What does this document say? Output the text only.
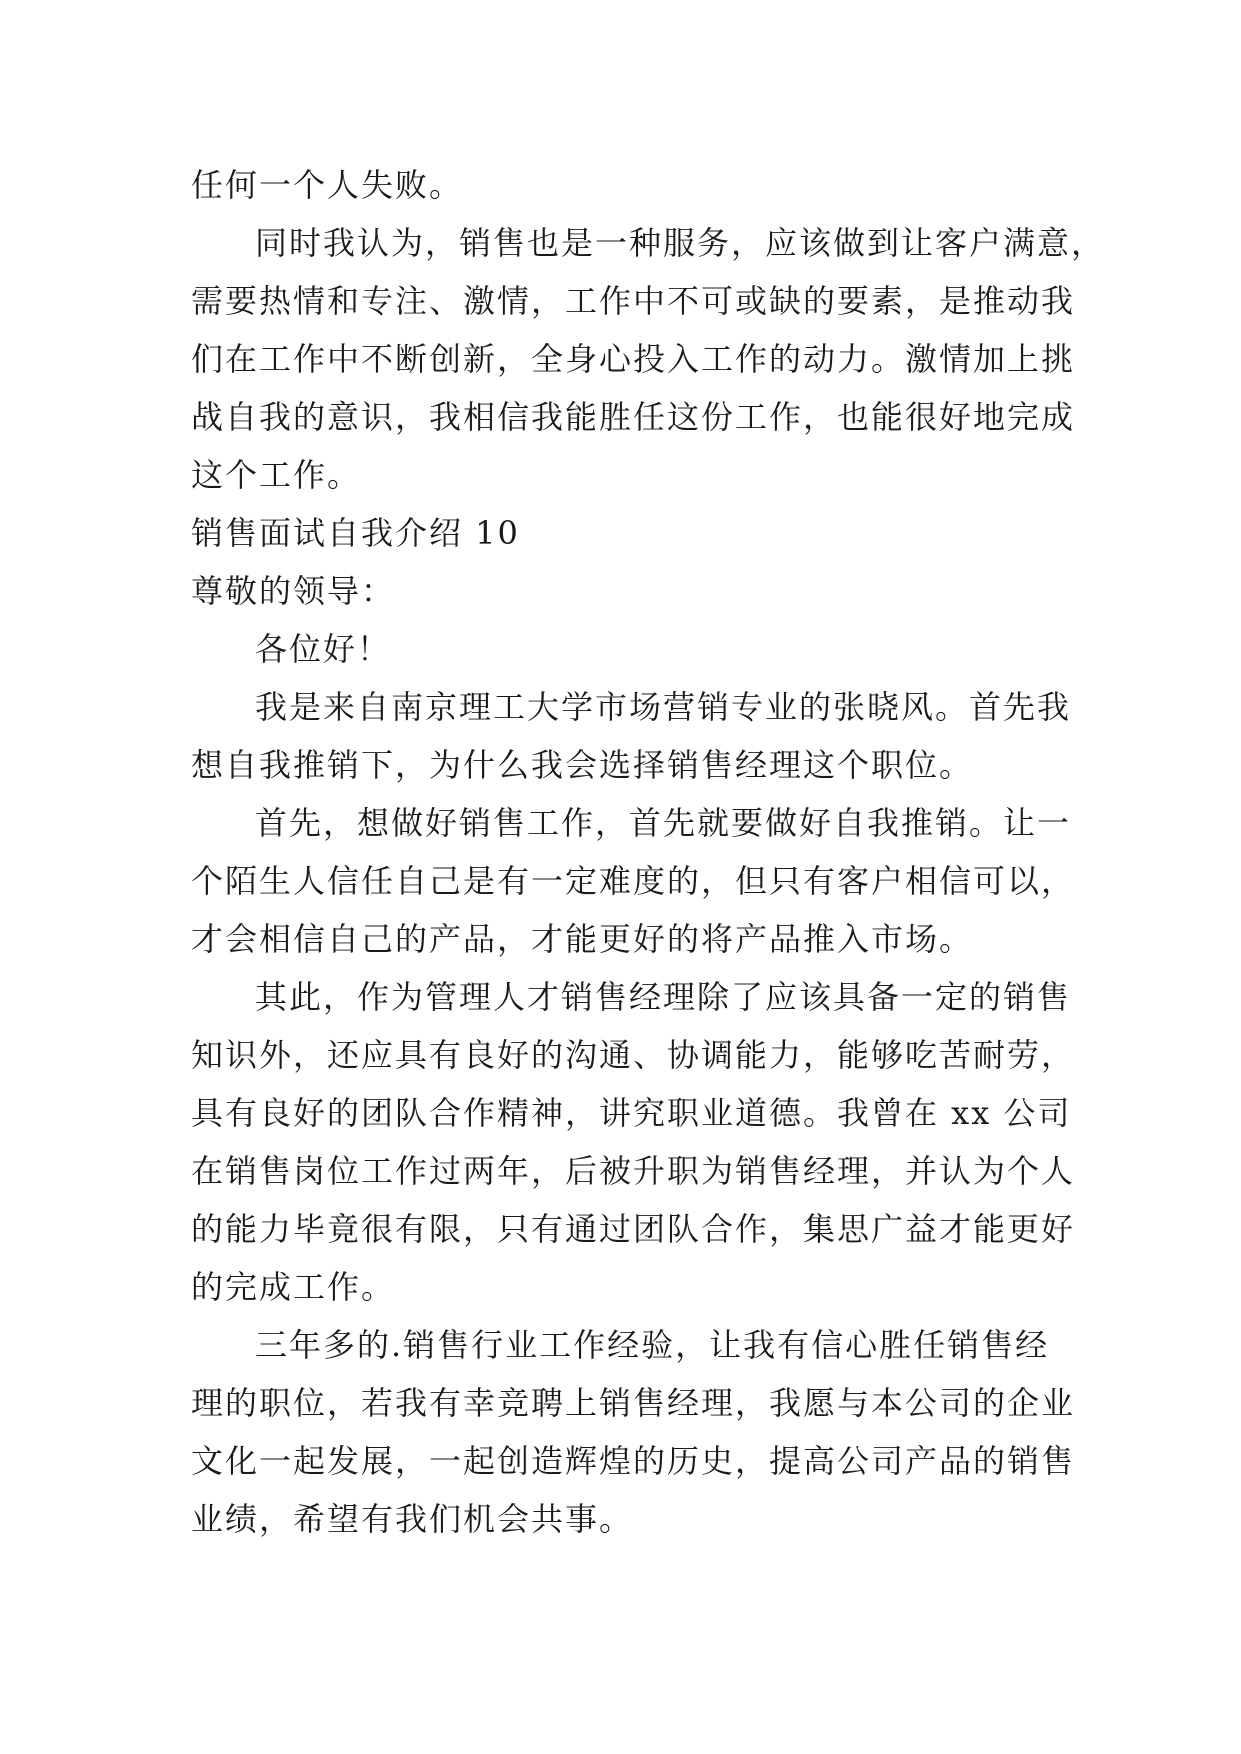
任何一个人失败。
同时我认为，销售也是一种服务，应该做到让客户满意，
需要热情和专注、激情，工作中不可或缺的要素，是推动我
们在工作中不断创新，全身心投入工作的动力。激情加上挑
战自我的意识，我相信我能胜任这份工作，也能很好地完成
这个工作。
销售面试自我介绍 10
尊敬的领导：
各位好！
我是来自南京理工大学市场营销专业的张晓风。首先我
想自我推销下，为什么我会选择销售经理这个职位。
首先，想做好销售工作，首先就要做好自我推销。让一
个陌生人信任自己是有一定难度的，但只有客户相信可以，
才会相信自己的产品，才能更好的将产品推入市场。
其此，作为管理人才销售经理除了应该具备一定的销售
知识外，还应具有良好的沟通、协调能力，能够吃苦耐劳，
具有良好的团队合作精神，讲究职业道德。我曾在 xx 公司
在销售岗位工作过两年，后被升职为销售经理，并认为个人
的能力毕竟很有限，只有通过团队合作，集思广益才能更好
的完成工作。
三年多的.销售行业工作经验，让我有信心胜任销售经
理的职位，若我有幸竞聘上销售经理，我愿与本公司的企业
文化一起发展，一起创造辉煌的历史，提高公司产品的销售
业绩，希望有我们机会共事。
